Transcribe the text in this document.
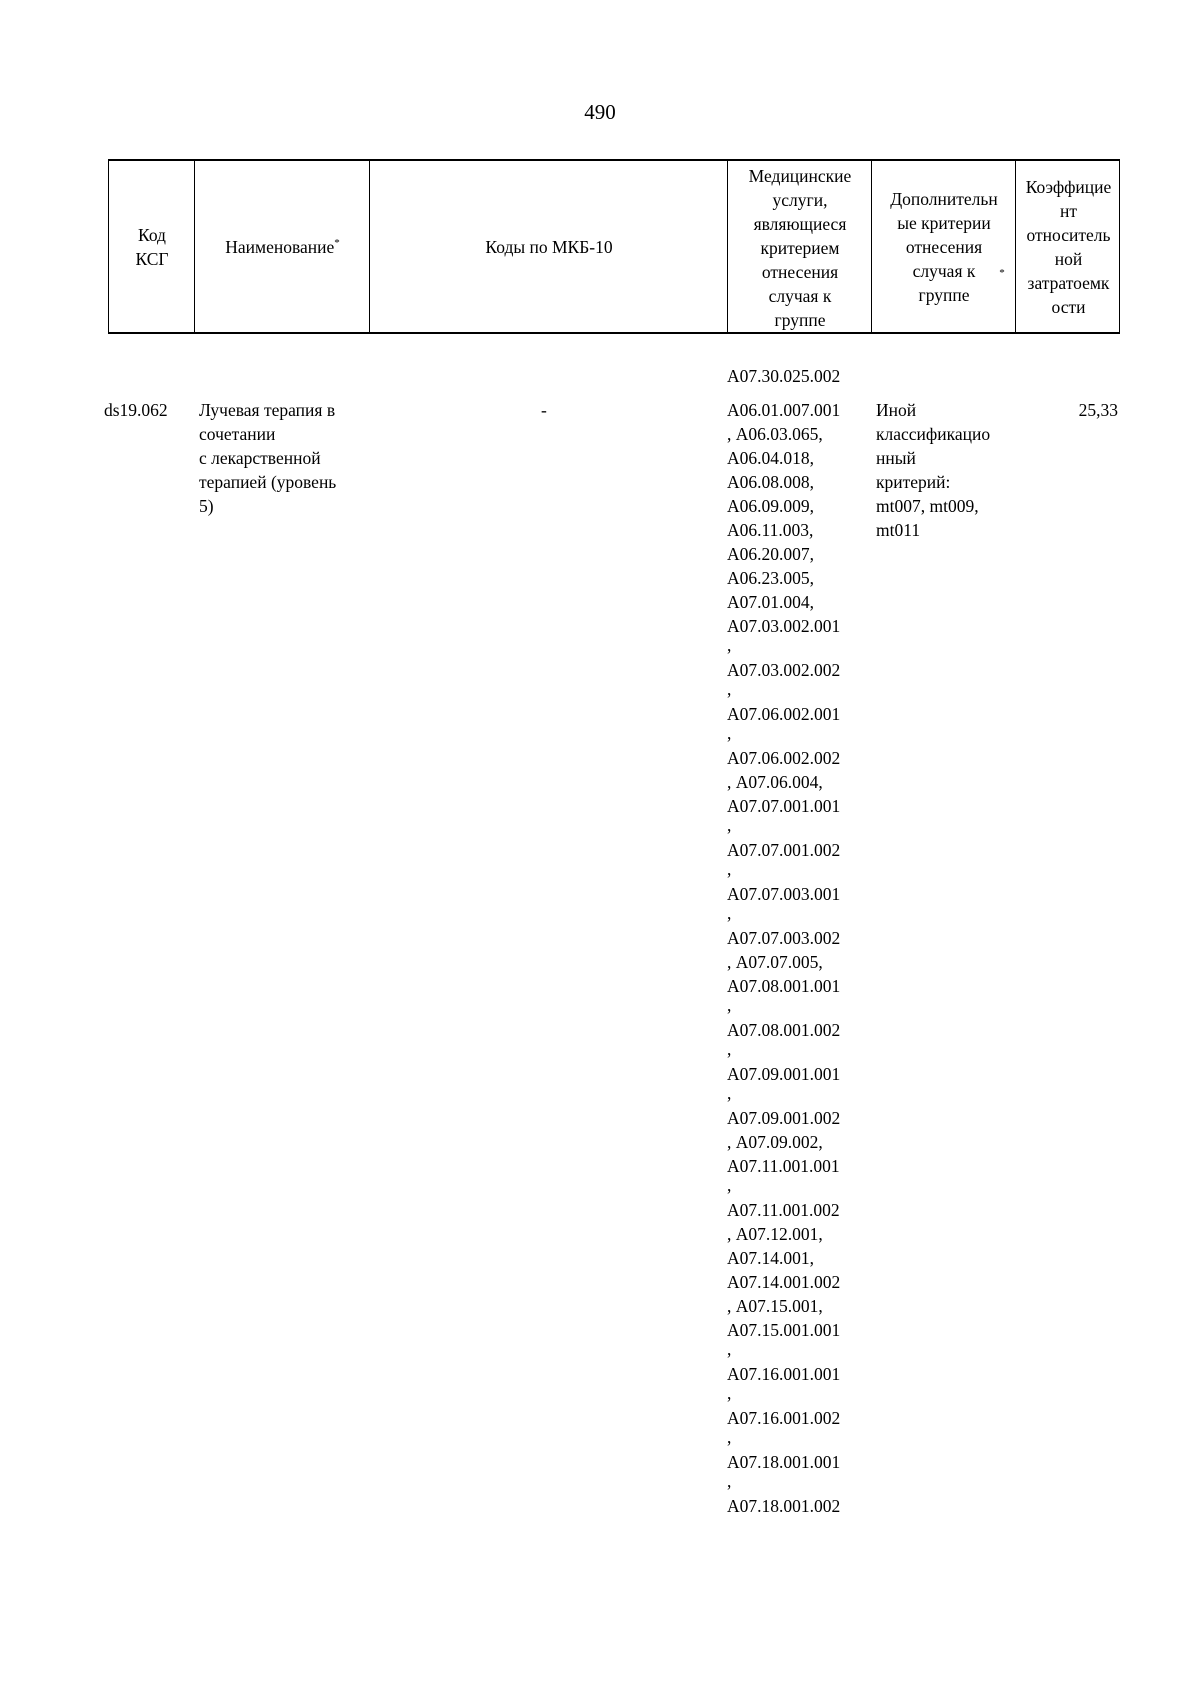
490
Код
КСГ
Наименование*	Коды по МКБ-10
Медицинские
услуги,
являющиеся
критерием
отнесения
случая к
группе
Дополнительн
ые критерии
отнесения
случая к
группе
*
Коэффицие
нт
относитель
ной
затратоемк
ости
А07.30.025.002
ds19.062 Лучевая терапия в
сочетании
с лекарственной
терапией (уровень
5)
-	А06.01.007.001
, А06.03.065,
А06.04.018,
А06.08.008,
А06.09.009,
А06.11.003,
А06.20.007,
А06.23.005,
А07.01.004,
А07.03.002.001
,
А07.03.002.002
,
А07.06.002.001
,
А07.06.002.002
, А07.06.004,
А07.07.001.001
,
А07.07.001.002
,
А07.07.003.001
,
А07.07.003.002
, А07.07.005,
А07.08.001.001
,
А07.08.001.002
,
А07.09.001.001
,
А07.09.001.002
, А07.09.002,
А07.11.001.001
,
А07.11.001.002
, А07.12.001,
А07.14.001,
А07.14.001.002
, А07.15.001,
А07.15.001.001
,
А07.16.001.001
,
А07.16.001.002
,
А07.18.001.001
,
А07.18.001.002
Иной
классификацио
нный
критерий:
mt007, mt009,
mt011
25,33
